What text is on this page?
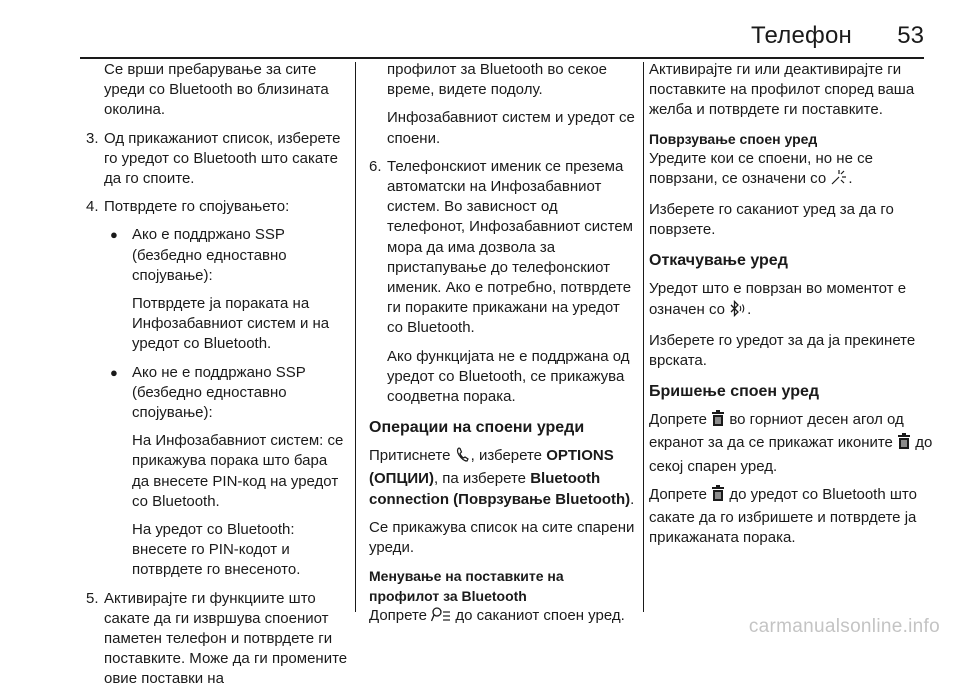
Телефон 53

Се врши пребарување за сите уреди со Bluetooth во близината околина.

3. Од прикажаниот список, изберете го уредот со Bluetooth што сакате да го споите.
4. Потврдете го спојувањето:
● Ако е поддржано SSP (безбедно едноставно спојување):

Потврдете ја пораката на Инфозабавниот систем и на уредот со Bluetooth.

● Ако не е поддржано SSP (безбедно едноставно спојување):

На Инфозабавниот систем: се прикажува порака што бара да внесете PIN-код на уредот со Bluetooth.

На уредот со Bluetooth: внесете го PIN-кодот и потврдете го внесеното.

5. Активирајте ги функциите што сакате да ги извршува споениот паметен телефон и потврдете ги поставките. Може да ги промените овие поставки на

профилот за Bluetooth во секое време, видете подолу.

Инфозабавниот систем и уредот се споени.

6. Телефонскиот именик се презема автоматски на Инфозабавниот систем. Во зависност од телефонот, Инфозабавниот систем мора да има дозвола за пристапување до телефонскиот именик. Ако е потребно, потврдете ги пораките прикажани на уредот со Bluetooth.

Ако функцијата не е поддржана од уредот со Bluetooth, се прикажува соодветна порака.

Операции на споени уреди

Притиснете , изберете OPTIONS (ОПЦИИ), па изберете Bluetooth connection (Поврзување Bluetooth).

Се прикажува список на сите спарени уреди.

Менување на поставките на профилот за Bluetooth

Допрете до саканиот споен уред.

Активирајте ги или деактивирајте ги поставките на профилот според ваша желба и потврдете ги поставките.

Поврзување споен уред

Уредите кои се споени, но не се поврзани, се означени со .

Изберете го саканиот уред за да го поврзете.

Откачување уред

Уредот што е поврзан во моментот е означен со .

Изберете го уредот за да ја прекинете врската.

Бришење споен уред

Допрете во горниот десен агол од екранот за да се прикажат иконите до секој спарен уред.

Допрете до уредот со Bluetooth што сакате да го избришете и потврдете ја прикажаната порака.

carmanualsonline.info
